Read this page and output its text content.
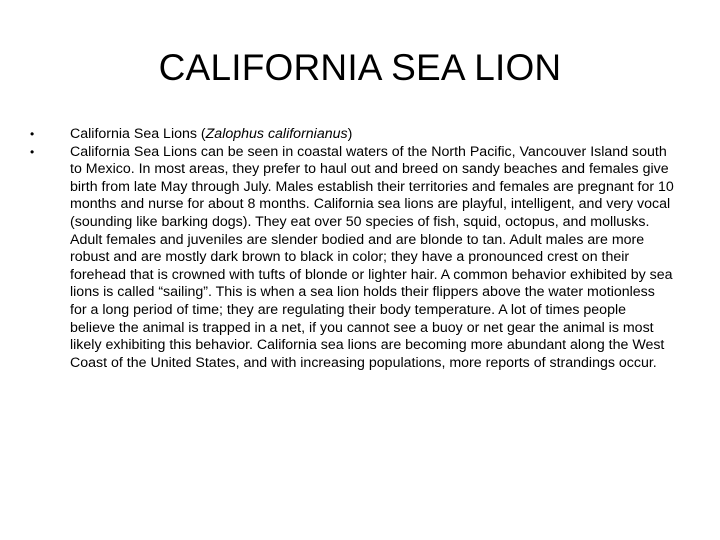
CALIFORNIA SEA LION
•	California Sea Lions (Zalophus californianus)
•	California Sea Lions can be seen in coastal waters of the North Pacific, Vancouver Island south to Mexico. In most areas, they prefer to haul out and breed on sandy beaches and females give birth from late May through July. Males establish their territories and females are pregnant for 10 months and nurse for about 8 months. California sea lions are playful, intelligent, and very vocal (sounding like barking dogs). They eat over 50 species of fish, squid, octopus, and mollusks. Adult females and juveniles are slender bodied and are blonde to tan. Adult males are more robust and are mostly dark brown to black in color; they have a pronounced crest on their forehead that is crowned with tufts of blonde or lighter hair. A common behavior exhibited by sea lions is called “sailing”. This is when a sea lion holds their flippers above the water motionless for a long period of time; they are regulating their body temperature. A lot of times people believe the animal is trapped in a net, if you cannot see a buoy or net gear the animal is most likely exhibiting this behavior. California sea lions are becoming more abundant along the West Coast of the United States, and with increasing populations, more reports of strandings occur.
